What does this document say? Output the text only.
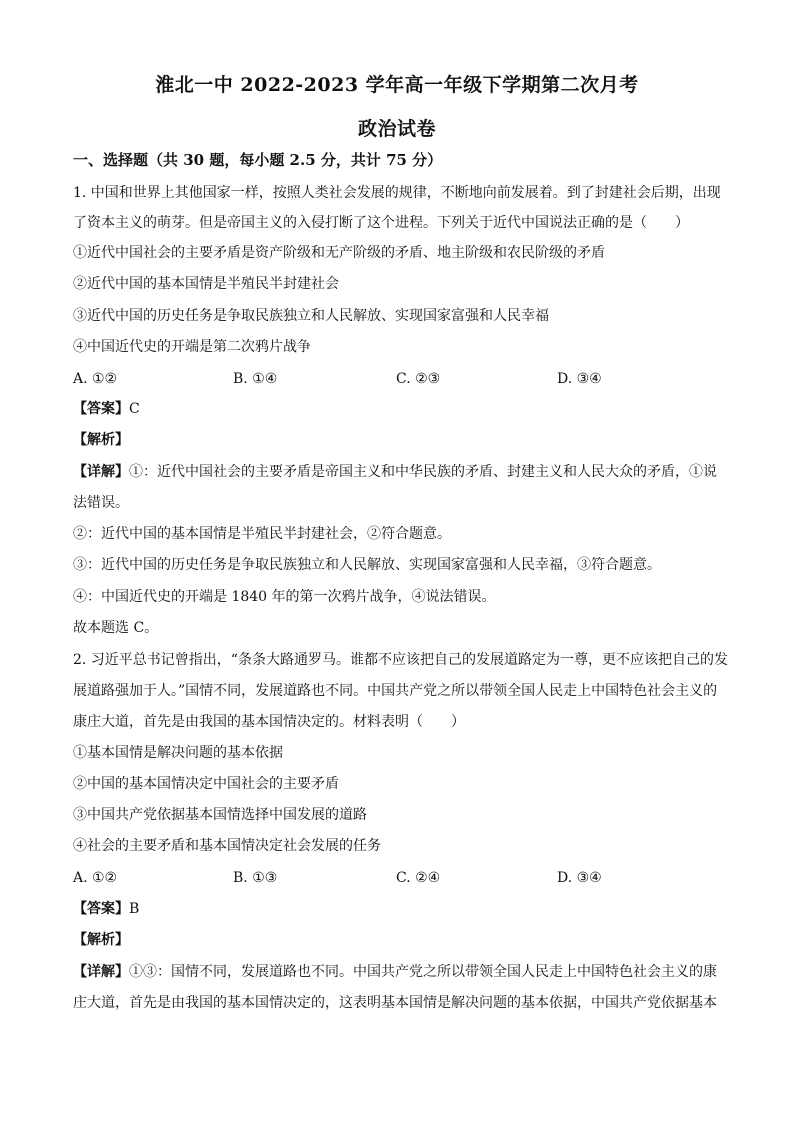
淮北一中 2022-2023 学年高一年级下学期第二次月考
政治试卷
一、选择题（共 30 题，每小题 2.5 分，共计 75 分）
1. 中国和世界上其他国家一样，按照人类社会发展的规律，不断地向前发展着。到了封建社会后期，出现
了资本主义的萌芽。但是帝国主义的入侵打断了这个进程。下列关于近代中国说法正确的是（　　）
①近代中国社会的主要矛盾是资产阶级和无产阶级的矛盾、地主阶级和农民阶级的矛盾
②近代中国的基本国情是半殖民半封建社会
③近代中国的历史任务是争取民族独立和人民解放、实现国家富强和人民幸福
④中国近代史的开端是第二次鸦片战争
A. ①②	B. ①④	C. ②③	D. ③④
【答案】C
【解析】
【详解】①：近代中国社会的主要矛盾是帝国主义和中华民族的矛盾、封建主义和人民大众的矛盾，①说
法错误。
②：近代中国的基本国情是半殖民半封建社会，②符合题意。
③：近代中国的历史任务是争取民族独立和人民解放、实现国家富强和人民幸福，③符合题意。
④：中国近代史的开端是 1840 年的第一次鸦片战争，④说法错误。
故本题选 C。
2. 习近平总书记曾指出，“条条大路通罗马。谁都不应该把自己的发展道路定为一尊，更不应该把自己的发
展道路强加于人。”国情不同，发展道路也不同。中国共产党之所以带领全国人民走上中国特色社会主义的
康庄大道，首先是由我国的基本国情决定的。材料表明（　　）
①基本国情是解决问题的基本依据
②中国的基本国情决定中国社会的主要矛盾
③中国共产党依据基本国情选择中国发展的道路
④社会的主要矛盾和基本国情决定社会发展的任务
A. ①②	B. ①③	C. ②④	D. ③④
【答案】B
【解析】
【详解】①③：国情不同，发展道路也不同。中国共产党之所以带领全国人民走上中国特色社会主义的康
庄大道，首先是由我国的基本国情决定的，这表明基本国情是解决问题的基本依据，中国共产党依据基本
